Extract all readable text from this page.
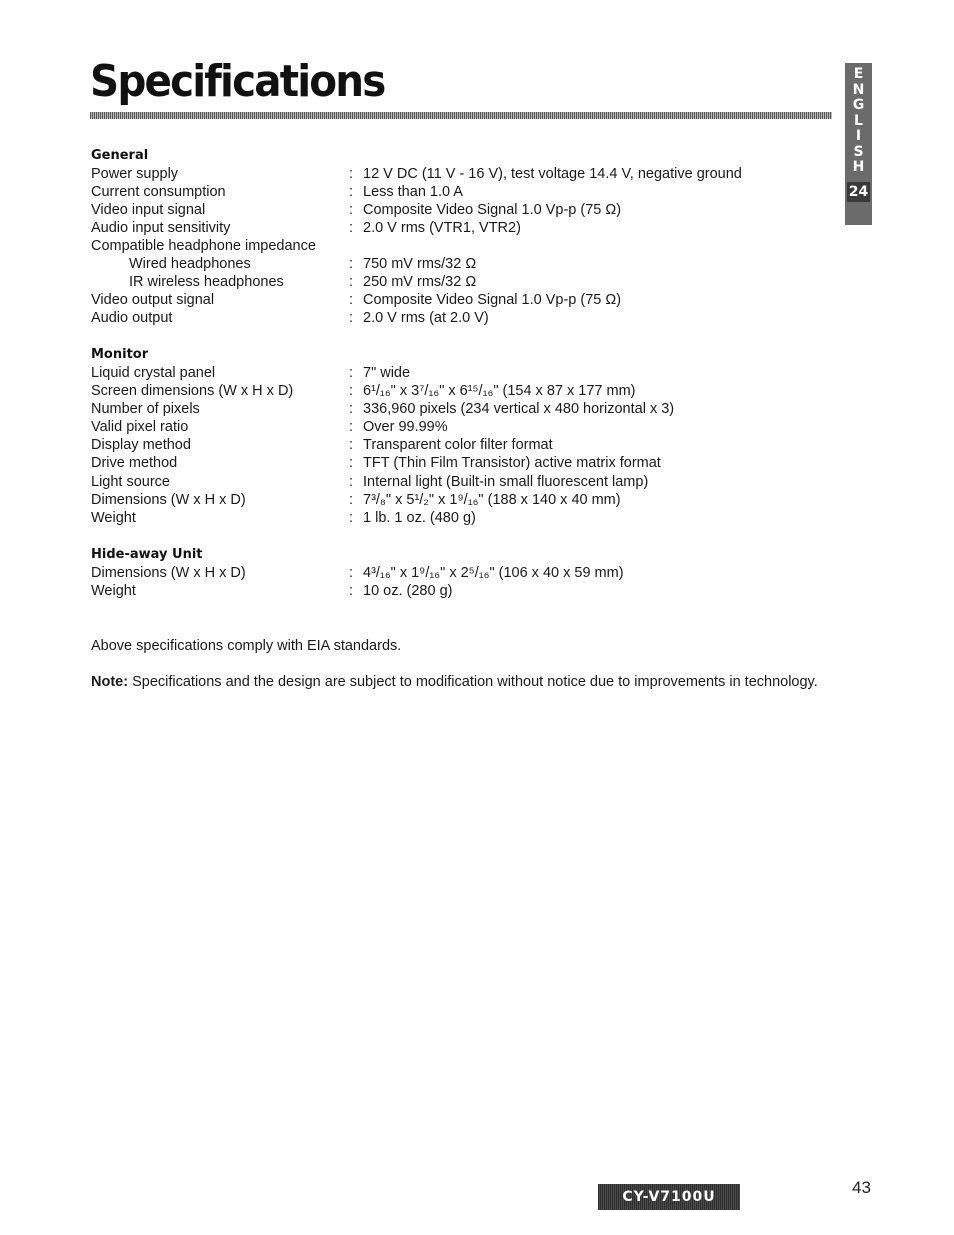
Specifications	E
N
G
L
I
S
H
24
General
Power supply	: 12 V DC (11 V - 16 V), test voltage 14.4 V, negative ground
Current consumption	: Less than 1.0 A
Video input signal	: Composite Video Signal 1.0 Vp-p (75 Ω)
Audio input sensitivity	: 2.0 V rms (VTR1, VTR2)
Compatible headphone impedance
Wired headphones	: 750 mV rms/32 Ω
IR wireless headphones	: 250 mV rms/32 Ω
Video output signal	: Composite Video Signal 1.0 Vp-p (75 Ω)
Audio output	: 2.0 V rms (at 2.0 V)
Monitor
Liquid crystal panel	: 7" wide
Screen dimensions (W x H x D)	: 6¹/₁₆" x 3⁷/₁₆" x 6¹⁵/₁₆" (154 x 87 x 177 mm)
Number of pixels	: 336,960 pixels (234 vertical x 480 horizontal x 3)
Valid pixel ratio	: Over 99.99%
Display method	: Transparent color filter format
Drive method	: TFT (Thin Film Transistor) active matrix format
Light source	: Internal light (Built-in small fluorescent lamp)
Dimensions (W x H x D)	: 7³/₈" x 5¹/₂" x 1⁹/₁₆" (188 x 140 x 40 mm)
Weight	: 1 lb. 1 oz. (480 g)
Hide-away Unit
Dimensions (W x H x D)	: 4³/₁₆" x 1⁹/₁₆" x 2⁵/₁₆" (106 x 40 x 59 mm)
Weight	: 10 oz. (280 g)
Above specifications comply with EIA standards.
Note: Specifications and the design are subject to modification without notice due to improvements in technology.
CY-V7100U	43
